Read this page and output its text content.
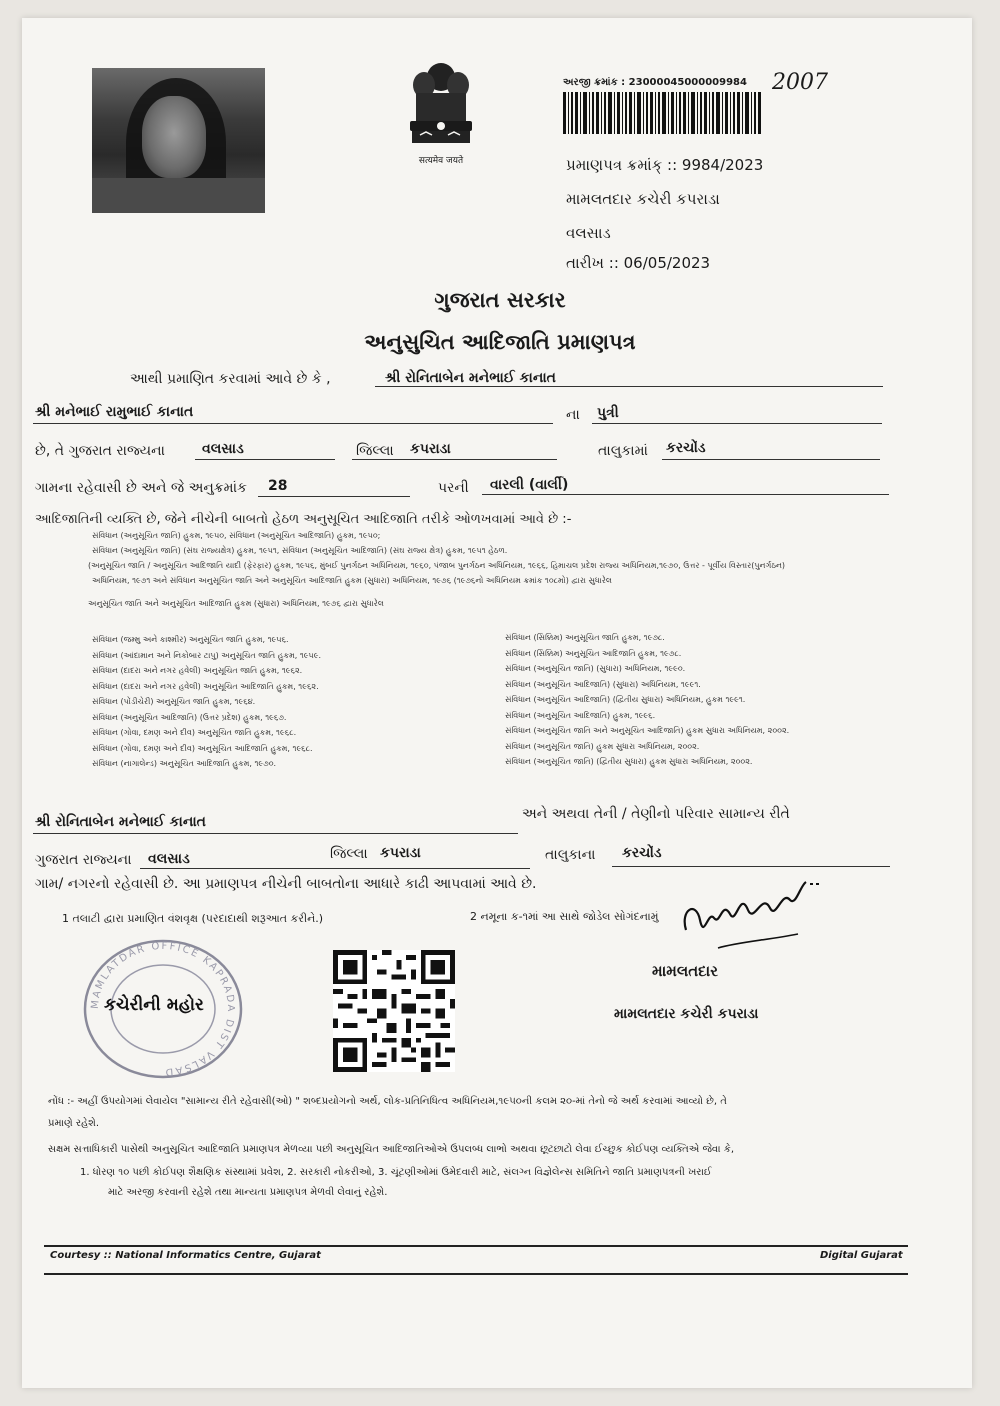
सत्यमेव जयते
અરજી ક્રમાંક : 23000045000009984 2007
પ્રમાણપત્ર ક્રમાંક્ :: 9984/2023
મામલતદાર કચેરી કપરાડા
વલસાડ
તારીખ :: 06/05/2023
ગુજરાત સરકાર
અનુસુચિત આદિજાતિ પ્રમાણપત્ર
આથી પ્રમાણિત કરવામાં આવે છે કે ,	શ્રી રોનિતાબેન મનેભાઈ કાનાત
શ્રી મનેભાઈ રામુભાઈ કાનાત	ના પુત્રી
છે, તે ગુજરાત રાજ્યના	વલસાડ	જિલ્લા કપરાડા	તાલુકામાં કરચોંડ
ગામના રહેવાસી છે અને જે અનુક્રમાંક 28	પરની વારલી (વાર્લી)
આદિજાતિની વ્યક્તિ છે, જેને નીચેની બાબતો હેઠળ અનુસૂચિત આદિજાતિ તરીકે ઓળખવામાં આવે છે :-
સંવિધાન (અનુસૂચિત જાતિ) હુકમ, ૧૯૫૦, સંવિધાન (અનુસૂચિત આદિજાતિ) હુકમ, ૧૯૫૦;
સંવિધાન (અનુસૂચિત જાતિ) (સંઘ રાજ્યક્ષેત્ર) હુકમ, ૧૯૫૧, સંવિધાન (અનુસૂચિત આદિજાતિ) (સંઘ રાજ્ય ક્ષેત્ર) હુકમ, ૧૯૫૧ હેઠળ.
(અનુસૂચિત જાતિ / અનુસૂચિત આદિજાતિ યાદી (ફેરફાર) હુકમ, ૧૯૫૬, મુંબઈ પુનર્ગઠન અધિનિયમ, ૧૯૬૦, પંજાબ પુનર્ગઠન અધિનિયમ, ૧૯૬૬, હિમાચલ પ્રદેશ રાજ્ય અધિનિયમ,૧૯૭૦, ઉત્તર - પૂર્વીય વિસ્તાર(પુનર્ગઠન)
અધિનિયમ, ૧૯૭૧ અને સંવિધાન અનુસૂચિત જાતિ અને અનુસૂચિત આદિજાતિ હુકમ (સુધારા) અધિનિયમ, ૧૯૭૬ (૧૯૭૬નો અધિનિયમ ક્રમાંક ૧૦૮મો) દ્વારા સુધારેલ
અનુસૂચિત જાતિ અને અનુસૂચિત આદિજાતિ હુકમ (સુધારા) અધિનિયમ, ૧૯૭૬ દ્વારા સુધારેલ
સંવિધાન (જમ્મુ અને કાશ્મીર) અનુસૂચિત જાતિ હુકમ, ૧૯૫૬.
સંવિધાન (આંદામાન અને નિકોબાર ટાપુ) અનુસૂચિત જાતિ હુકમ, ૧૯૫૯.
સંવિધાન (દાદરા અને નગર હવેલી) અનુસૂચિત જાતિ હુકમ, ૧૯૬૨.
સંવિધાન (દાદરા અને નગર હવેલી) અનુસૂચિત આદિજાતિ હુકમ, ૧૯૬૨.
સંવિધાન (પોંડીચેરી) અનુસૂચિત જાતિ હુકમ, ૧૯૬૪.
સંવિધાન (અનુસૂચિત આદિજાતિ) (ઉત્તર પ્રદેશ) હુકમ, ૧૯૬૭.
સંવિધાન (ગોવા, દમણ અને દીવ) અનુસૂચિત જાતિ હુકમ, ૧૯૬૮.
સંવિધાન (ગોવા, દમણ અને દીવ) અનુસૂચિત આદિજાતિ હુકમ, ૧૯૬૮.
સંવિધાન (નાગાલેન્ડ) અનુસૂચિત આદિજાતિ હુકમ, ૧૯૭૦.
સંવિધાન (સિક્કિમ) અનુસૂચિત જાતિ હુકમ, ૧૯૭૮.
સંવિધાન (સિક્કિમ) અનુસૂચિત આદિજાતિ હુકમ, ૧૯૭૮.
સંવિધાન (અનુસૂચિત જાતિ) (સુધારા) અધિનિયમ, ૧૯૯૦.
સંવિધાન (અનુસૂચિત આદિજાતિ) (સુધારા) અધિનિયમ, ૧૯૯૧.
સંવિધાન (અનુસૂચિત આદિજાતિ) (દ્વિતીય સુધારા) અધિનિયમ, હુકમ ૧૯૯૧.
સંવિધાન (અનુસૂચિત આદિજાતિ) હુકમ, ૧૯૯૬.
સંવિધાન (અનુસૂચિત જાતિ અને અનુસૂચિત આદિજાતિ) હુકમ સુધારા અધિનિયમ, ૨૦૦૨.
સંવિધાન (અનુસૂચિત જાતિ) હુકમ સુધારા અધિનિયમ, ૨૦૦૨.
સંવિધાન (અનુસૂચિત જાતિ) (દ્વિતીય સુધારા) હુકમ સુધારા અધિનિયમ, ૨૦૦૨.
શ્રી રોનિતાબેન મનેભાઈ કાનાત	અને અથવા તેની / તેણીનો પરિવાર સામાન્ય રીતે
ગુજરાત રાજ્યના વલસાડ	જિલ્લા કપરાડા	તાલુકાના કરચોંડ
ગામ/ નગરનો રહેવાસી છે. આ પ્રમાણપત્ર નીચેની બાબતોના આધારે કાઢી આપવામાં આવે છે.
1 તલાટી દ્વારા પ્રમાણિત વંશવૃક્ષ (પરદાદાથી શરૂઆત કરીને.)	2 નમૂના ક-૧માં આ સાથે જોડેલ સોગંદનામું
MAMLATDAR OFFICE KAPRADA DIST VALSAD
કચેરીની મહોર
મામલતદાર
મામલતદાર કચેરી કપરાડા
નોંધ :- અહીં ઉપયોગમાં લેવાયેલ "સામાન્ય રીતે રહેવાસી(ઓ) " શબ્દપ્રયોગનો અર્થ, લોક-પ્રતિનિધિત્વ અધિનિયમ,૧૯૫૦ની કલમ ૨૦-માં તેનો જે અર્થ કરવામાં આવ્યો છે, તે
પ્રમાણે રહેશે.
સક્ષમ સત્તાધિકારી પાસેથી અનુસૂચિત આદિજાતિ પ્રમાણપત્ર મેળવ્યા પછી અનુસૂચિત આદિજાતિઓએ ઉપલબ્ધ લાભો અથવા છૂટછાટો લેવા ઈચ્છુક કોઈપણ વ્યક્તિએ જેવા કે,
1. ધોરણ ૧૦ પછી કોઈપણ શૈક્ષણિક સંસ્થામાં પ્રવેશ, 2. સરકારી નોકરીઓ, 3. ચૂંટણીઓમાં ઉમેદવારી માટે, સંલગ્ન વિજ્ઞેલેન્સ સમિતિને જાતિ પ્રમાણપત્રની ખરાઈ
માટે અરજી કરવાની રહેશે તથા માન્યતા પ્રમાણપત્ર મેળવી લેવાનું રહેશે.
Courtesy :: National Informatics Centre, Gujarat	Digital Gujarat
